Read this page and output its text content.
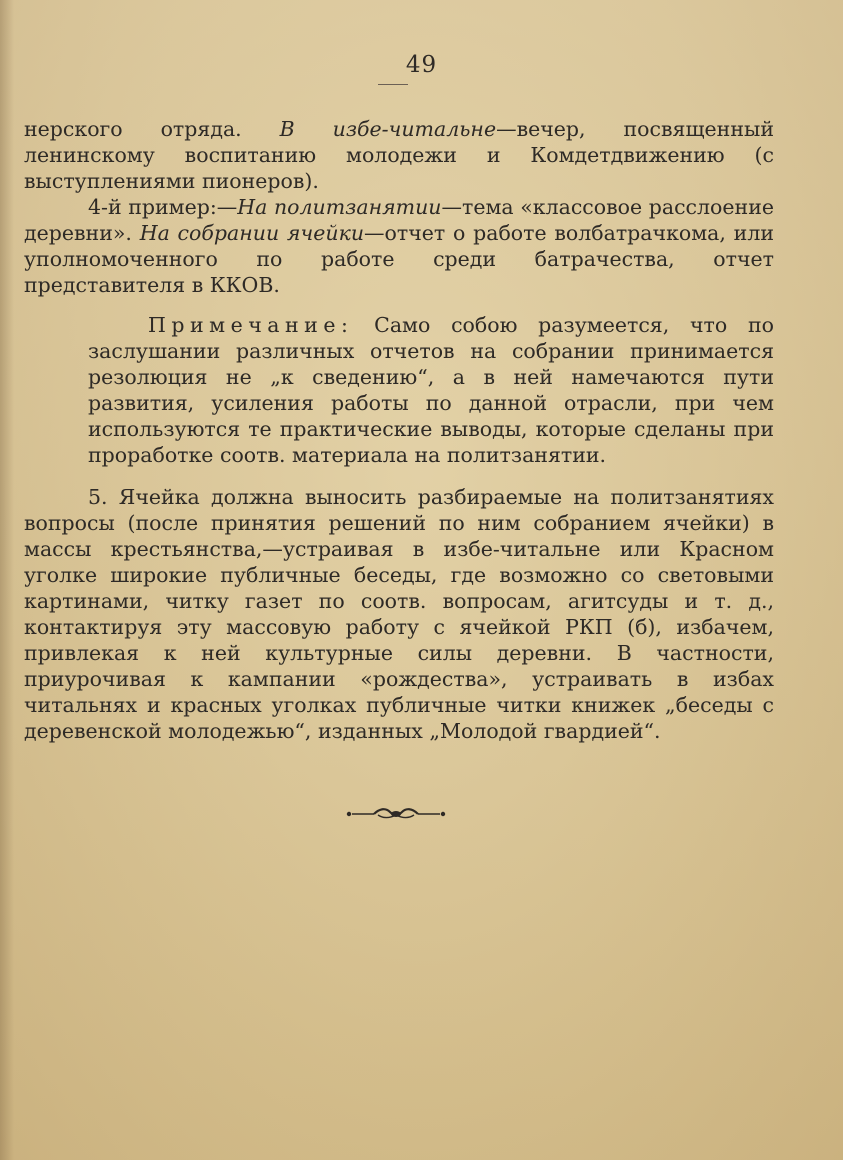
49

нерского отряда. В избе-читальне—вечер, посвященный ленинскому воспитанию молодежи и Комдетдвижению (с выступлениями пионеров).

4-й пример:—На политзанятии—тема «классовое расслоение деревни». На собрании ячейки—отчет о работе волбатрачкома, или уполномоченного по работе среди батрачества, отчет представителя в ККОВ.

Примечание: Само собою разумеется, что по заслушании различных отчетов на собрании принимается резолюция не „к сведению“, а в ней намечаются пути развития, усиления работы по данной отрасли, при чем используются те практические выводы, которые сделаны при проработке соотв. материала на политзанятии.

5. Ячейка должна выносить разбираемые на политзанятиях вопросы (после принятия решений по ним собранием ячейки) в массы крестьянства,—устраивая в избе-читальне или Красном уголке широкие публичные беседы, где возможно со световыми картинами, читку газет по соотв. вопросам, агитсуды и т. д., контактируя эту массовую работу с ячейкой РКП (б), избачем, привлекая к ней культурные силы деревни. В частности, приурочивая к кампании «рождества», устраивать в избах читальнях и красных уголках публичные читки книжек „беседы с деревенской молодежью“, изданных „Молодой гвардией“.
